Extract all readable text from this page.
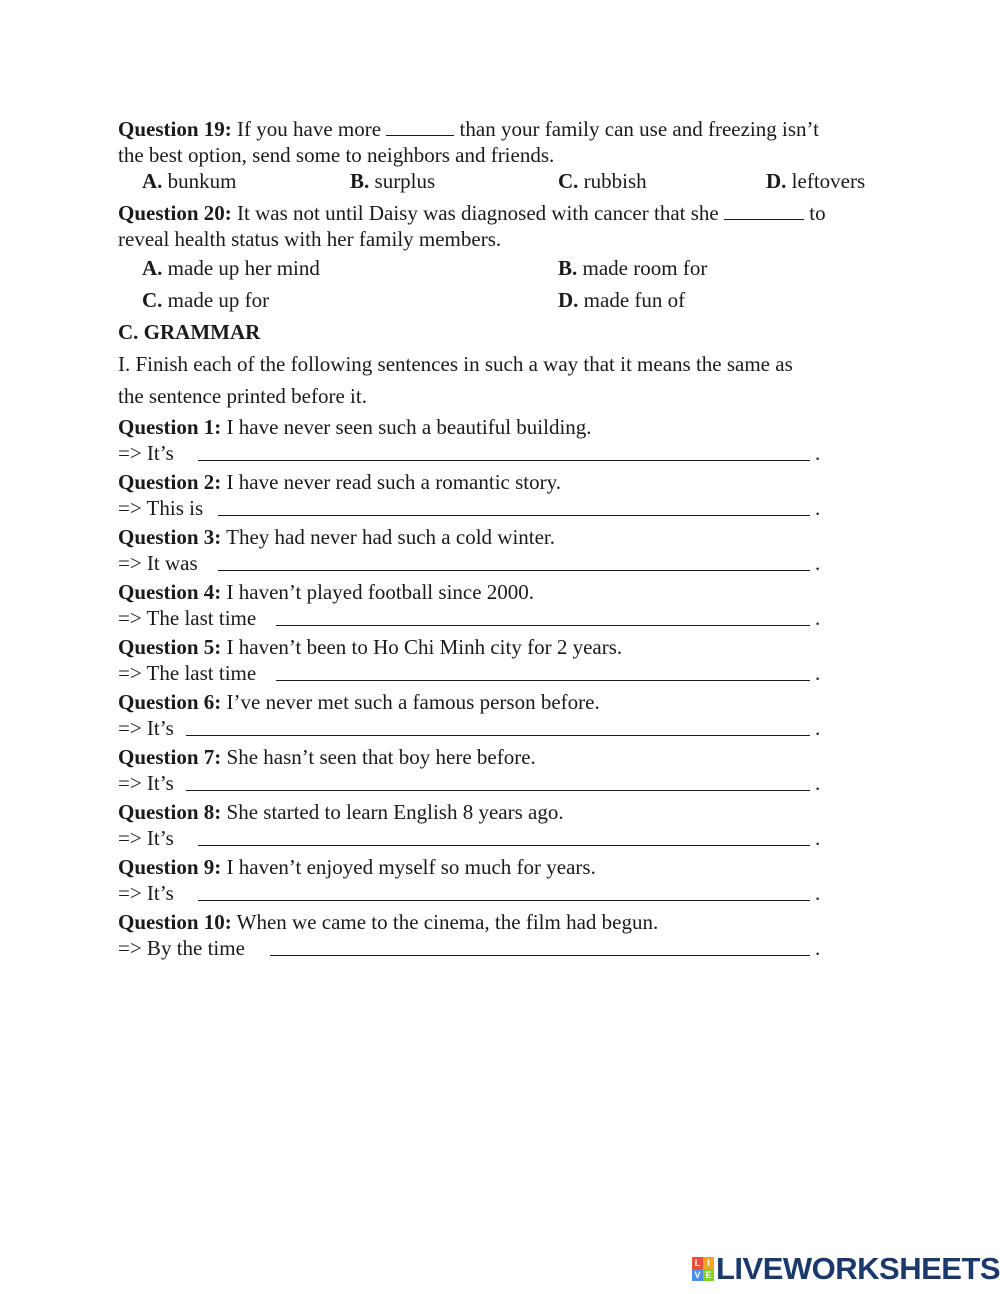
Question 19: If you have more	than your family can use and freezing isn’t
the best option, send some to neighbors and friends.
A. bunkum	B. surplus	C. rubbish	D. leftovers
Question 20: It was not until Daisy was diagnosed with cancer that she	to
reveal health status with her family members.
A. made up her mind	B. made room for
C. made up for	D. made fun of
C. GRAMMAR
I. Finish each of the following sentences in such a way that it means the same as
the sentence printed before it.
Question 1: I have never seen such a beautiful building.
=> It’s	.
Question 2: I have never read such a romantic story.
=> This is	.
Question 3: They had never had such a cold winter.
=> It was	.
Question 4: I haven’t played football since 2000.
=> The last time	.
Question 5: I haven’t been to Ho Chi Minh city for 2 years.
=> The last time	.
Question 6: I’ve never met such a famous person before.
=> It’s	.
Question 7: She hasn’t seen that boy here before.
=> It’s	.
Question 8: She started to learn English 8 years ago.
=> It’s	.
Question 9: I haven’t enjoyed myself so much for years.
=> It’s	.
Question 10: When we came to the cinema, the film had begun.
=> By the time	.
L I
V E LIVEWORKSHEETS
